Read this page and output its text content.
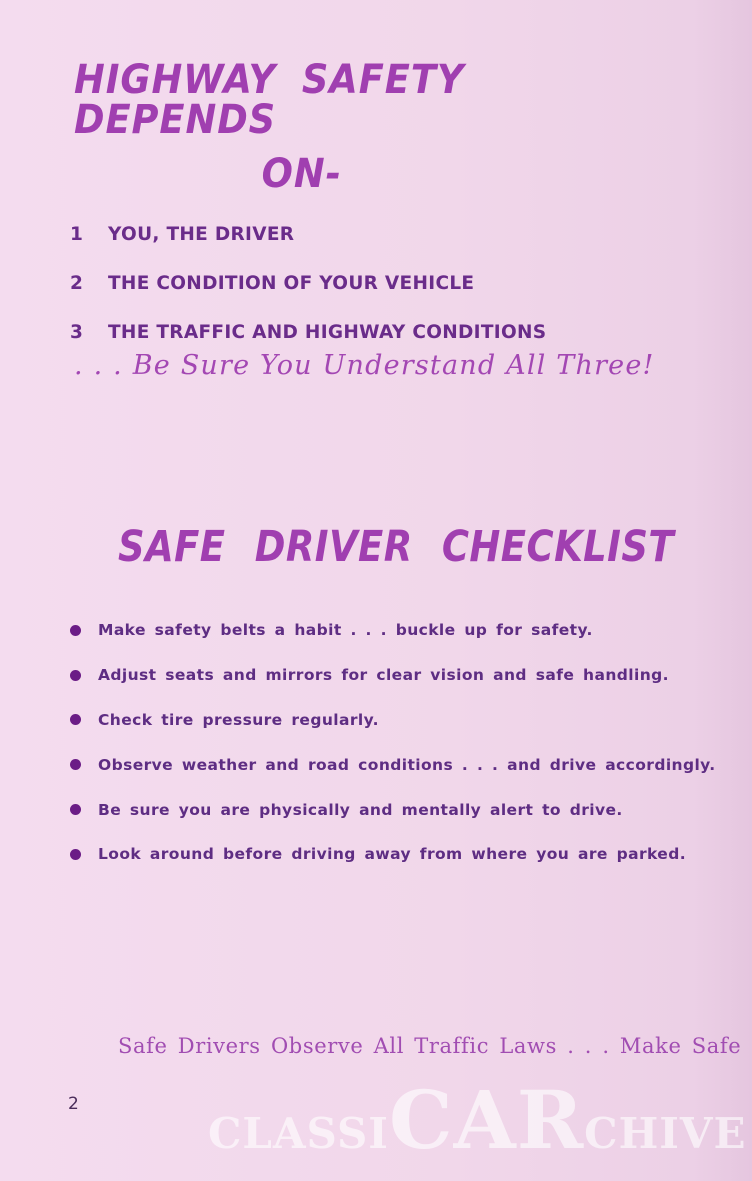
HIGHWAY SAFETYDEPENDS
ON-
1	YOU, THE DRIVER
2	THE CONDITION OF YOUR VEHICLE
3	THE TRAFFIC AND HIGHWAY CONDITIONS

. . . Be Sure You Understand All Three!

SAFE DRIVER CHECKLIST
Make safety belts a habit . . . buckle up for safety.
Adjust seats and mirrors for clear vision and safe handling.
Check tire pressure regularly.
Observe weather and road conditions . . . and drive accordingly.
Be sure you are physically and mentally alert to drive.
Look around before driving away from where you are parked.

Safe Drivers Observe All Traffic Laws . . . Make Safe

2
CLASSICARCHIVE
